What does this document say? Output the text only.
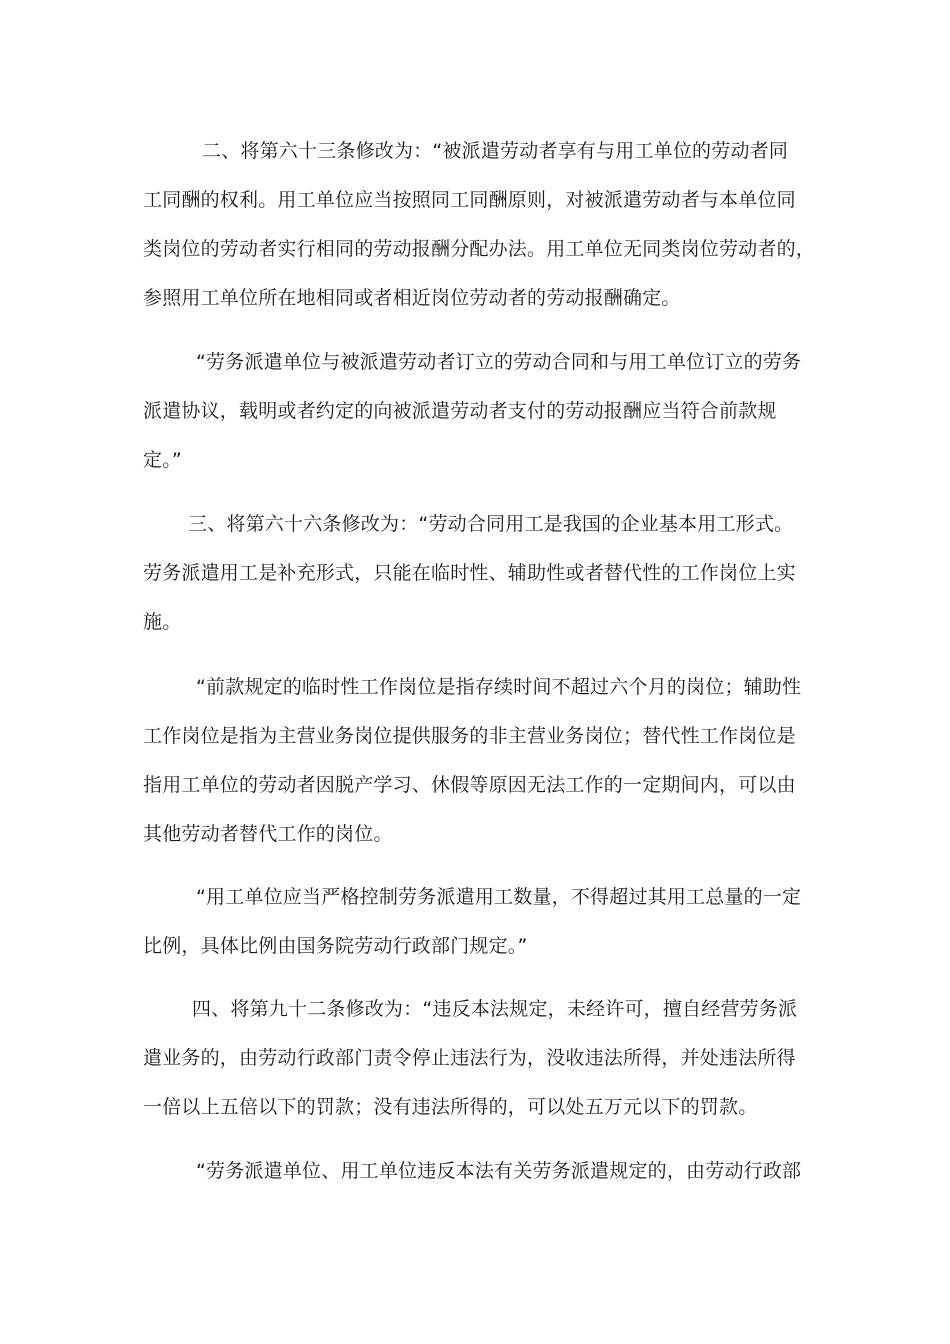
二、将第六十三条修改为：“被派遣劳动者享有与用工单位的劳动者同
工同酬的权利。用工单位应当按照同工同酬原则，对被派遣劳动者与本单位同
类岗位的劳动者实行相同的劳动报酬分配办法。用工单位无同类岗位劳动者的，
参照用工单位所在地相同或者相近岗位劳动者的劳动报酬确定。
“劳务派遣单位与被派遣劳动者订立的劳动合同和与用工单位订立的劳务
派遣协议，载明或者约定的向被派遣劳动者支付的劳动报酬应当符合前款规
定。”
三、将第六十六条修改为：“劳动合同用工是我国的企业基本用工形式。
劳务派遣用工是补充形式，只能在临时性、辅助性或者替代性的工作岗位上实
施。
“前款规定的临时性工作岗位是指存续时间不超过六个月的岗位；辅助性
工作岗位是指为主营业务岗位提供服务的非主营业务岗位；替代性工作岗位是
指用工单位的劳动者因脱产学习、休假等原因无法工作的一定期间内，可以由
其他劳动者替代工作的岗位。
“用工单位应当严格控制劳务派遣用工数量，不得超过其用工总量的一定
比例，具体比例由国务院劳动行政部门规定。”
四、将第九十二条修改为：“违反本法规定，未经许可，擅自经营劳务派
遣业务的，由劳动行政部门责令停止违法行为，没收违法所得，并处违法所得
一倍以上五倍以下的罚款；没有违法所得的，可以处五万元以下的罚款。
“劳务派遣单位、用工单位违反本法有关劳务派遣规定的，由劳动行政部
